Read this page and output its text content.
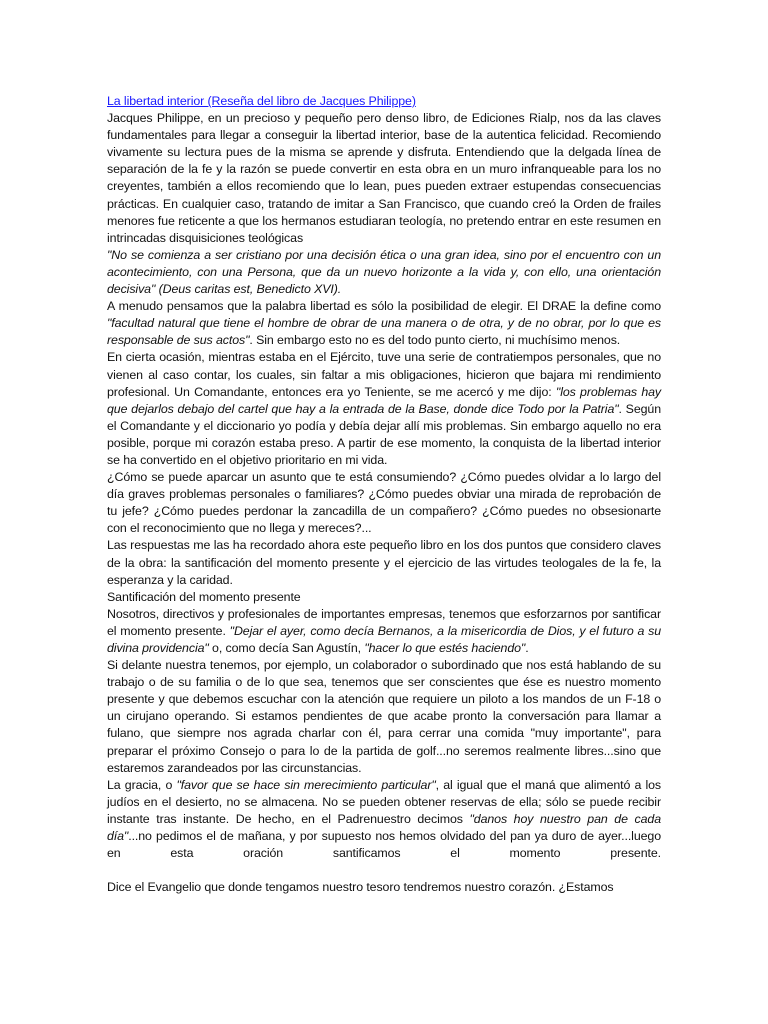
La libertad interior (Reseña del libro de Jacques Philippe)

Jacques Philippe, en un precioso y pequeño pero denso libro, de Ediciones Rialp, nos da las claves fundamentales para llegar a conseguir la libertad interior, base de la autentica felicidad. Recomiendo vivamente su lectura pues de la misma se aprende y disfruta. Entendiendo que la delgada línea de separación de la fe y la razón se puede convertir en esta obra en un muro infranqueable para los no creyentes, también a ellos recomiendo que lo lean, pues pueden extraer estupendas consecuencias prácticas. En cualquier caso, tratando de imitar a San Francisco, que cuando creó la Orden de frailes menores fue reticente a que los hermanos estudiaran teología, no pretendo entrar en este resumen en intrincadas disquisiciones teológicas

"No se comienza a ser cristiano por una decisión ética o una gran idea, sino por el encuentro con un acontecimiento, con una Persona, que da un nuevo horizonte a la vida y, con ello, una orientación decisiva" (Deus caritas est, Benedicto XVI).

A menudo pensamos que la palabra libertad es sólo la posibilidad de elegir. El DRAE la define como "facultad natural que tiene el hombre de obrar de una manera o de otra, y de no obrar, por lo que es responsable de sus actos". Sin embargo esto no es del todo punto cierto, ni muchísimo menos.

En cierta ocasión, mientras estaba en el Ejército, tuve una serie de contratiempos personales, que no vienen al caso contar, los cuales, sin faltar a mis obligaciones, hicieron que bajara mi rendimiento profesional. Un Comandante, entonces era yo Teniente, se me acercó y me dijo: "los problemas hay que dejarlos debajo del cartel que hay a la entrada de la Base, donde dice Todo por la Patria". Según el Comandante y el diccionario yo podía y debía dejar allí mis problemas. Sin embargo aquello no era posible, porque mi corazón estaba preso. A partir de ese momento, la conquista de la libertad interior se ha convertido en el objetivo prioritario en mi vida.

¿Cómo se puede aparcar un asunto que te está consumiendo? ¿Cómo puedes olvidar a lo largo del día graves problemas personales o familiares? ¿Cómo puedes obviar una mirada de reprobación de tu jefe? ¿Cómo puedes perdonar la zancadilla de un compañero? ¿Cómo puedes no obsesionarte con el reconocimiento que no llega y mereces?...

Las respuestas me las ha recordado ahora este pequeño libro en los dos puntos que considero claves de la obra: la santificación del momento presente y el ejercicio de las virtudes teologales de la fe, la esperanza y la caridad.

Santificación del momento presente

Nosotros, directivos y profesionales de importantes empresas, tenemos que esforzarnos por santificar el momento presente. "Dejar el ayer, como decía Bernanos, a la misericordia de Dios, y el futuro a su divina providencia" o, como decía San Agustín, "hacer lo que estés haciendo".

Si delante nuestra tenemos, por ejemplo, un colaborador o subordinado que nos está hablando de su trabajo o de su familia o de lo que sea, tenemos que ser conscientes que ése es nuestro momento presente y que debemos escuchar con la atención que requiere un piloto a los mandos de un F-18 o un cirujano operando. Si estamos pendientes de que acabe pronto la conversación para llamar a fulano, que siempre nos agrada charlar con él, para cerrar una comida "muy importante", para preparar el próximo Consejo o para lo de la partida de golf...no seremos realmente libres...sino que estaremos zarandeados por las circunstancias.

La gracia, o "favor que se hace sin merecimiento particular", al igual que el maná que alimentó a los judíos en el desierto, no se almacena. No se pueden obtener reservas de ella; sólo se puede recibir instante tras instante. De hecho, en el Padrenuestro decimos "danos hoy nuestro pan de cada día"...no pedimos el de mañana, y por supuesto nos hemos olvidado del pan ya duro de ayer...luego en esta oración santificamos el momento presente.

Dice el Evangelio que donde tengamos nuestro tesoro tendremos nuestro corazón. ¿Estamos
